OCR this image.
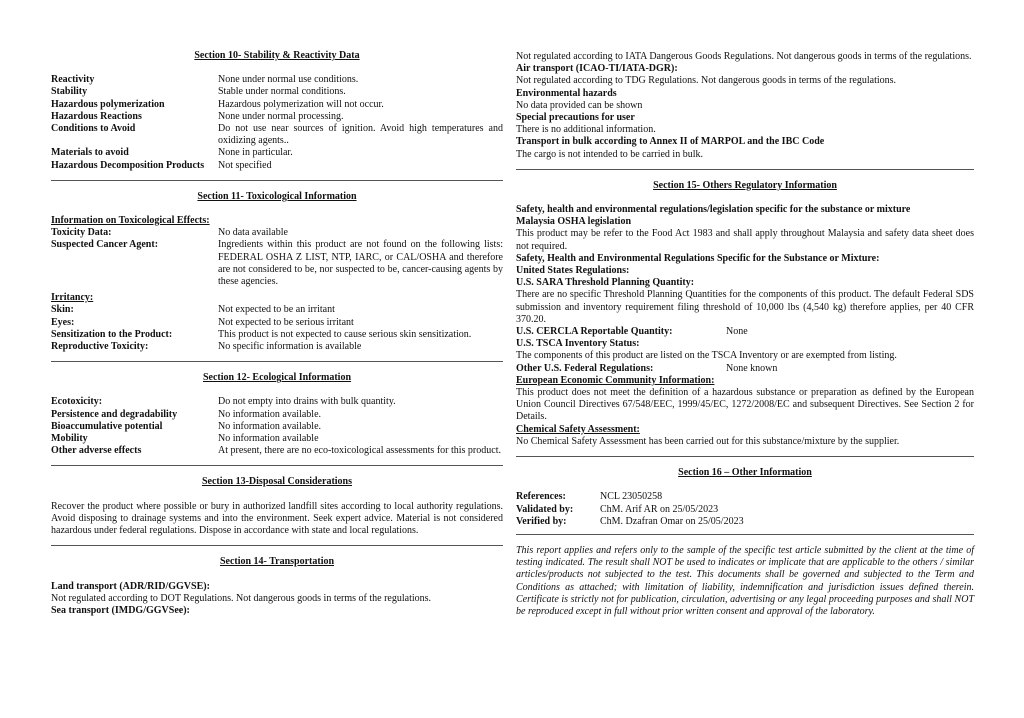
Section 10- Stability & Reactivity Data
Reactivity	None under normal use conditions.
Stability	Stable under normal conditions.
Hazardous polymerization	Hazardous polymerization will not occur.
Hazardous Reactions	None under normal processing.
Conditions to Avoid	Do not use near sources of ignition. Avoid high temperatures and oxidizing agents..
Materials to avoid	None in particular.
Hazardous Decomposition Products	Not specified
Section 11- Toxicological Information
Information on Toxicological Effects:
Toxicity Data:	No data available
Suspected Cancer Agent:	Ingredients within this product are not found on the following lists: FEDERAL OSHA Z LIST, NTP, IARC, or CAL/OSHA and therefore are not considered to be, nor suspected to be, cancer-causing agents by these agencies.
Irritancy:
Skin:	Not expected to be an irritant
Eyes:	Not expected to be serious irritant
Sensitization to the Product:	This product is not expected to cause serious skin sensitization.
Reproductive Toxicity:	No specific information is available
Section 12- Ecological Information
Ecotoxicity:	Do not empty into drains with bulk quantity.
Persistence and degradability	No information available.
Bioaccumulative potential	No information available.
Mobility	No information available
Other adverse effects	At present, there are no eco-toxicological assessments for this product.
Section 13-Disposal Considerations
Recover the product where possible or bury in authorized landfill sites according to local authority regulations. Avoid disposing to drainage systems and into the environment. Seek expert advice. Material is not considered hazardous under federal regulations. Dispose in accordance with state and local regulations.
Section 14- Transportation
Land transport (ADR/RID/GGVSE):
Not regulated according to DOT Regulations. Not dangerous goods in terms of the regulations.
Sea transport (IMDG/GGVSee):
Not regulated according to IATA Dangerous Goods Regulations. Not dangerous goods in terms of the regulations.
Air transport (ICAO-TI/IATA-DGR):
Not regulated according to TDG Regulations. Not dangerous goods in terms of the regulations.
Environmental hazards
No data provided can be shown
Special precautions for user
There is no additional information.
Transport in bulk according to Annex II of MARPOL and the IBC Code
The cargo is not intended to be carried in bulk.
Section 15- Others Regulatory Information
Safety, health and environmental regulations/legislation specific for the substance or mixture
Malaysia OSHA legislation
This product may be refer to the Food Act 1983 and shall apply throughout Malaysia and safety data sheet does not required.
Safety, Health and Environmental Regulations Specific for the Substance or Mixture:
United States Regulations:
U.S. SARA Threshold Planning Quantity:
There are no specific Threshold Planning Quantities for the components of this product. The default Federal SDS submission and inventory requirement filing threshold of 10,000 lbs (4,540 kg) therefore applies, per 40 CFR 370.20.
U.S. CERCLA Reportable Quantity:	None
U.S. TSCA Inventory Status:
The components of this product are listed on the TSCA Inventory or are exempted from listing.
Other U.S. Federal Regulations:	None known
European Economic Community Information:
This product does not meet the definition of a hazardous substance or preparation as defined by the European Union Council Directives 67/548/EEC, 1999/45/EC, 1272/2008/EC and subsequent Directives. See Section 2 for Details.
Chemical Safety Assessment:
No Chemical Safety Assessment has been carried out for this substance/mixture by the supplier.
Section 16 – Other Information
References:	NCL 23050258
Validated by:	ChM. Arif AR on 25/05/2023
Verified by:	ChM. Dzafran Omar on 25/05/2023
This report applies and refers only to the sample of the specific test article submitted by the client at the time of testing indicated. The result shall NOT be used to indicates or implicate that are applicable to the others / similar articles/products not subjected to the test. This documents shall be governed and subjected to the Term and Conditions as attached; with limitation of liability, indemnification and jurisdiction issues defined therein. Certificate is strictly not for publication, circulation, advertising or any legal proceeding purposes and shall NOT be reproduced except in full without prior written consent and approval of the laboratory.
